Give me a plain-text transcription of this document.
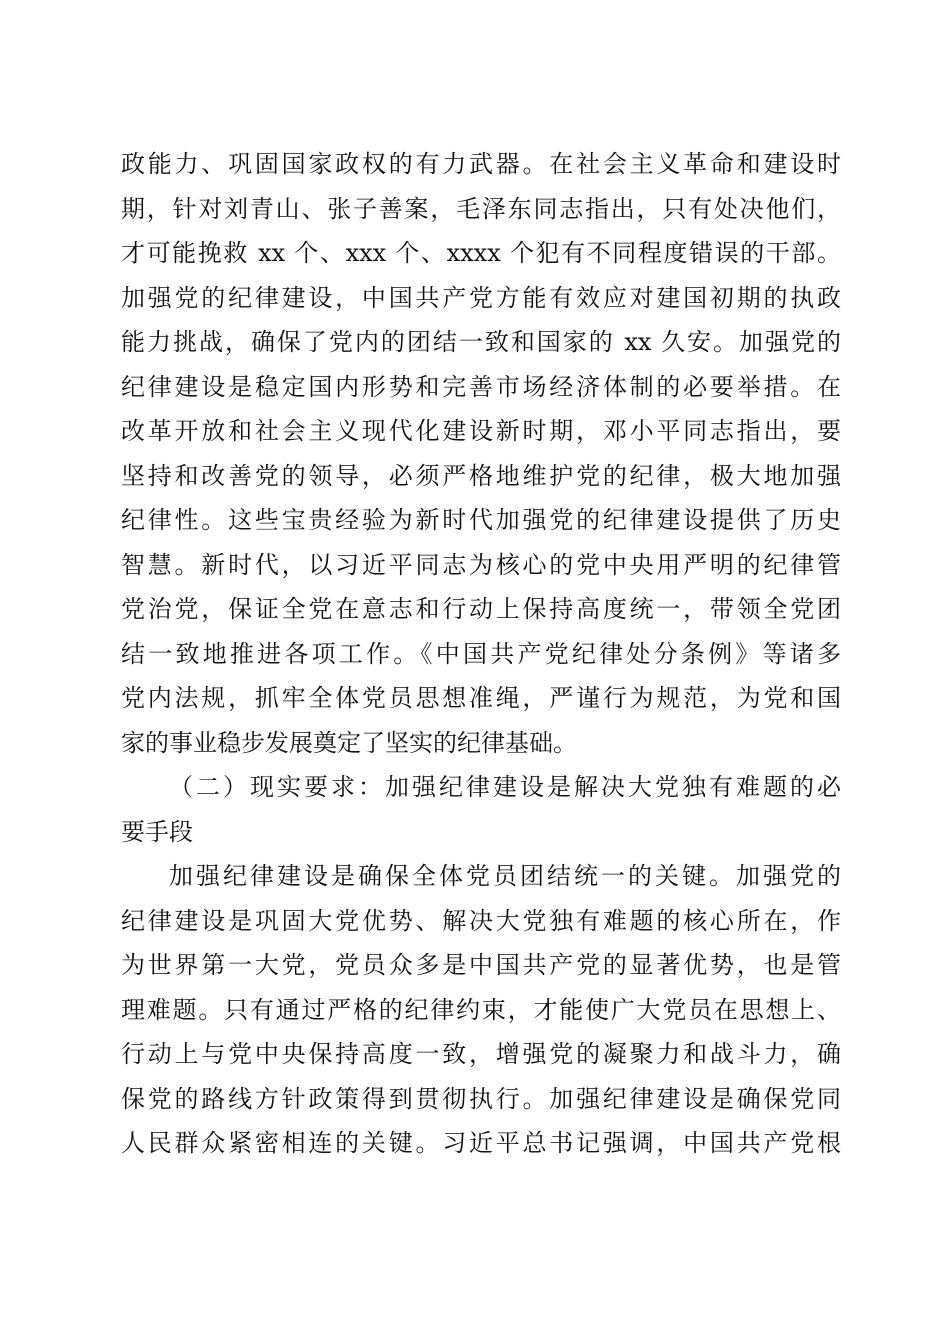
政能力、巩固国家政权的有力武器。在社会主义革命和建设时
期，针对刘青山、张子善案，毛泽东同志指出，只有处决他们，
才可能挽救 xx 个、xxx 个、xxxx 个犯有不同程度错误的干部。
加强党的纪律建设，中国共产党方能有效应对建国初期的执政
能力挑战，确保了党内的团结一致和国家的 xx 久安。加强党的
纪律建设是稳定国内形势和完善市场经济体制的必要举措。在
改革开放和社会主义现代化建设新时期，邓小平同志指出，要
坚持和改善党的领导，必须严格地维护党的纪律，极大地加强
纪律性。这些宝贵经验为新时代加强党的纪律建设提供了历史
智慧。新时代，以习近平同志为核心的党中央用严明的纪律管
党治党，保证全党在意志和行动上保持高度统一，带领全党团
结一致地推进各项工作。《中国共产党纪律处分条例》等诸多
党内法规，抓牢全体党员思想准绳，严谨行为规范，为党和国
家的事业稳步发展奠定了坚实的纪律基础。
（二）现实要求：加强纪律建设是解决大党独有难题的必
要手段
加强纪律建设是确保全体党员团结统一的关键。加强党的
纪律建设是巩固大党优势、解决大党独有难题的核心所在，作
为世界第一大党，党员众多是中国共产党的显著优势，也是管
理难题。只有通过严格的纪律约束，才能使广大党员在思想上、
行动上与党中央保持高度一致，增强党的凝聚力和战斗力，确
保党的路线方针政策得到贯彻执行。加强纪律建设是确保党同
人民群众紧密相连的关键。习近平总书记强调，中国共产党根
